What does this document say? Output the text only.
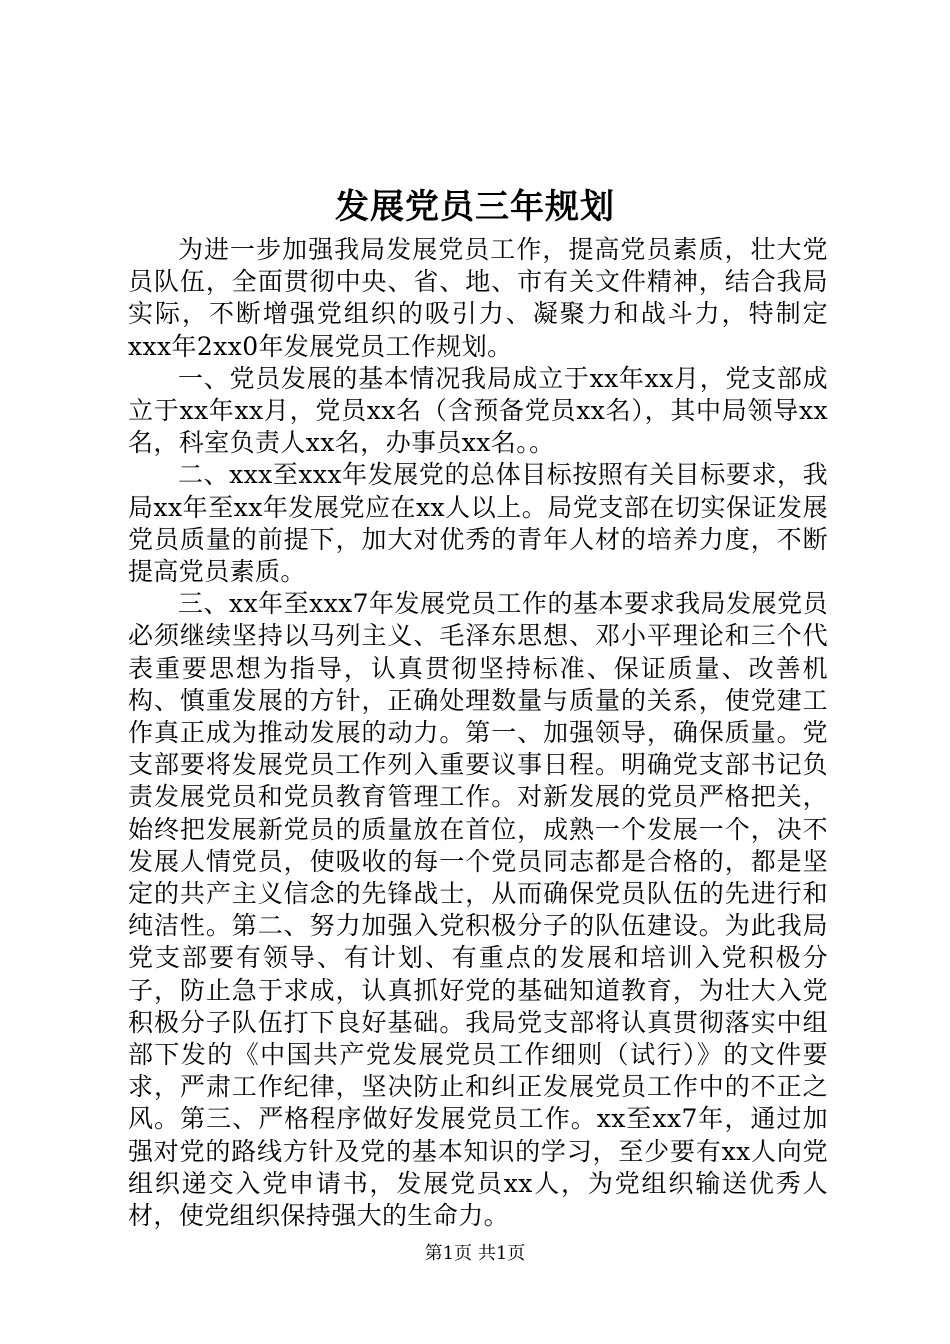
发展党员三年规划

为进一步加强我局发展党员工作，提高党员素质，壮大党员队伍，全面贯彻中央、省、地、市有关文件精神，结合我局实际，不断增强党组织的吸引力、凝聚力和战斗力，特制定xxx年2xx0年发展党员工作规划。

一、党员发展的基本情况我局成立于xx年xx月，党支部成立于xx年xx月，党员xx名（含预备党员xx名），其中局领导xx名，科室负责人xx名，办事员xx名。。

二、xxx至xxx年发展党的总体目标按照有关目标要求，我局xx年至xx年发展党应在xx人以上。局党支部在切实保证发展党员质量的前提下，加大对优秀的青年人材的培养力度，不断提高党员素质。

三、xx年至xxx7年发展党员工作的基本要求我局发展党员必须继续坚持以马列主义、毛泽东思想、邓小平理论和三个代表重要思想为指导，认真贯彻坚持标准、保证质量、改善机构、慎重发展的方针，正确处理数量与质量的关系，使党建工作真正成为推动发展的动力。第一、加强领导，确保质量。党支部要将发展党员工作列入重要议事日程。明确党支部书记负责发展党员和党员教育管理工作。对新发展的党员严格把关，始终把发展新党员的质量放在首位，成熟一个发展一个，决不发展人情党员，使吸收的每一个党员同志都是合格的，都是坚定的共产主义信念的先锋战士，从而确保党员队伍的先进行和纯洁性。第二、努力加强入党积极分子的队伍建设。为此我局党支部要有领导、有计划、有重点的发展和培训入党积极分子，防止急于求成，认真抓好党的基础知道教育，为壮大入党积极分子队伍打下良好基础。我局党支部将认真贯彻落实中组部下发的《中国共产党发展党员工作细则（试行）》的文件要求，严肃工作纪律，坚决防止和纠正发展党员工作中的不正之风。第三、严格程序做好发展党员工作。xx至xx7年，通过加强对党的路线方针及党的基本知识的学习，至少要有xx人向党组织递交入党申请书，发展党员xx人，为党组织输送优秀人材，使党组织保持强大的生命力。

第1页 共1页
